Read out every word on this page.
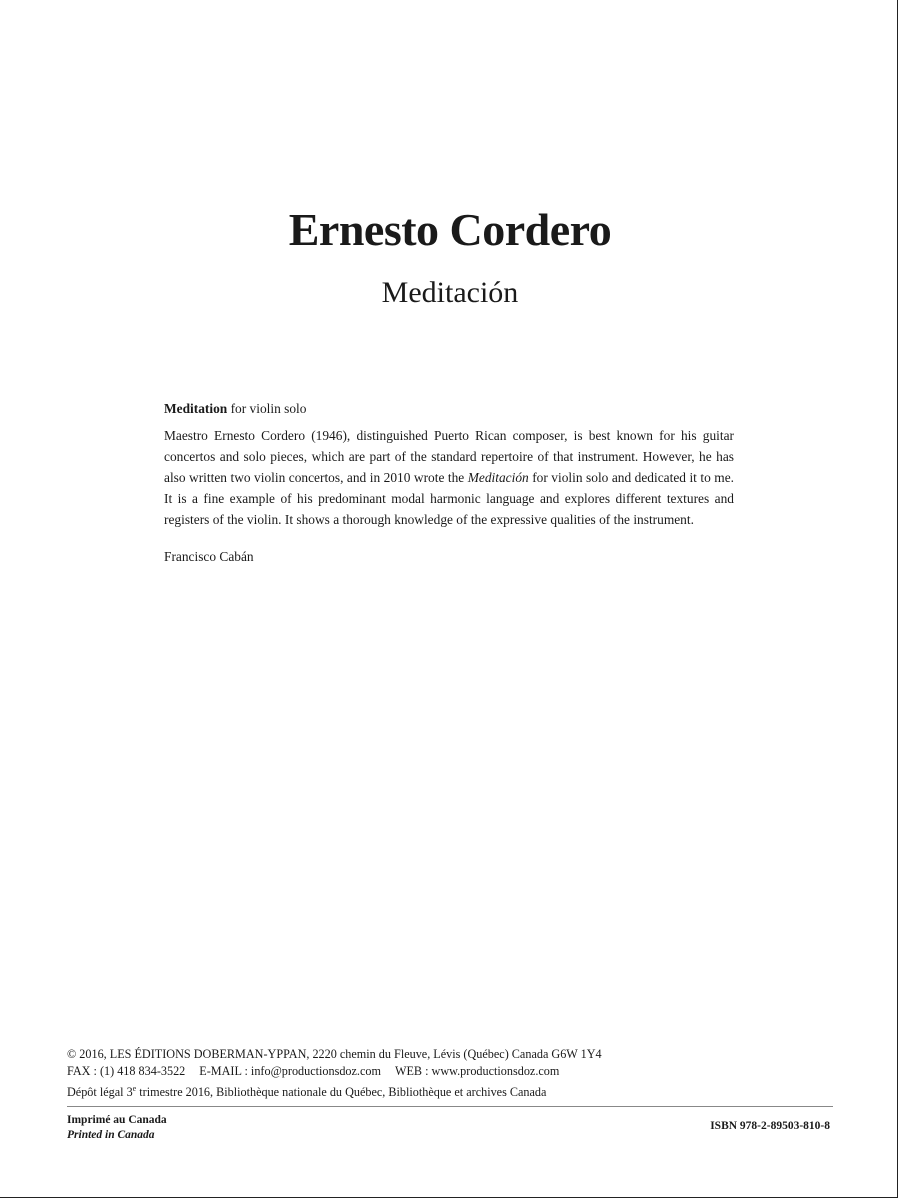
Ernesto Cordero
Meditación

Meditation for violin solo

Maestro Ernesto Cordero (1946), distinguished Puerto Rican composer, is best known for his guitar concertos and solo pieces, which are part of the standard repertoire of that instrument. However, he has also written two violin concertos, and in 2010 wrote the Meditación for violin solo and dedicated it to me. It is a fine example of his predominant modal harmonic language and explores different textures and registers of the violin. It shows a thorough knowledge of the expressive qualities of the instrument.

Francisco Cabán

© 2016, LES ÉDITIONS DOBERMAN-YPPAN, 2220 chemin du Fleuve, Lévis (Québec) Canada G6W 1Y4
FAX : (1) 418 834-3522 E-MAIL : info@productionsdoz.com WEB : www.productionsdoz.com
Dépôt légal 3e trimestre 2016, Bibliothèque nationale du Québec, Bibliothèque et archives Canada
Imprimé au Canada
Printed in Canada
ISBN 978-2-89503-810-8
